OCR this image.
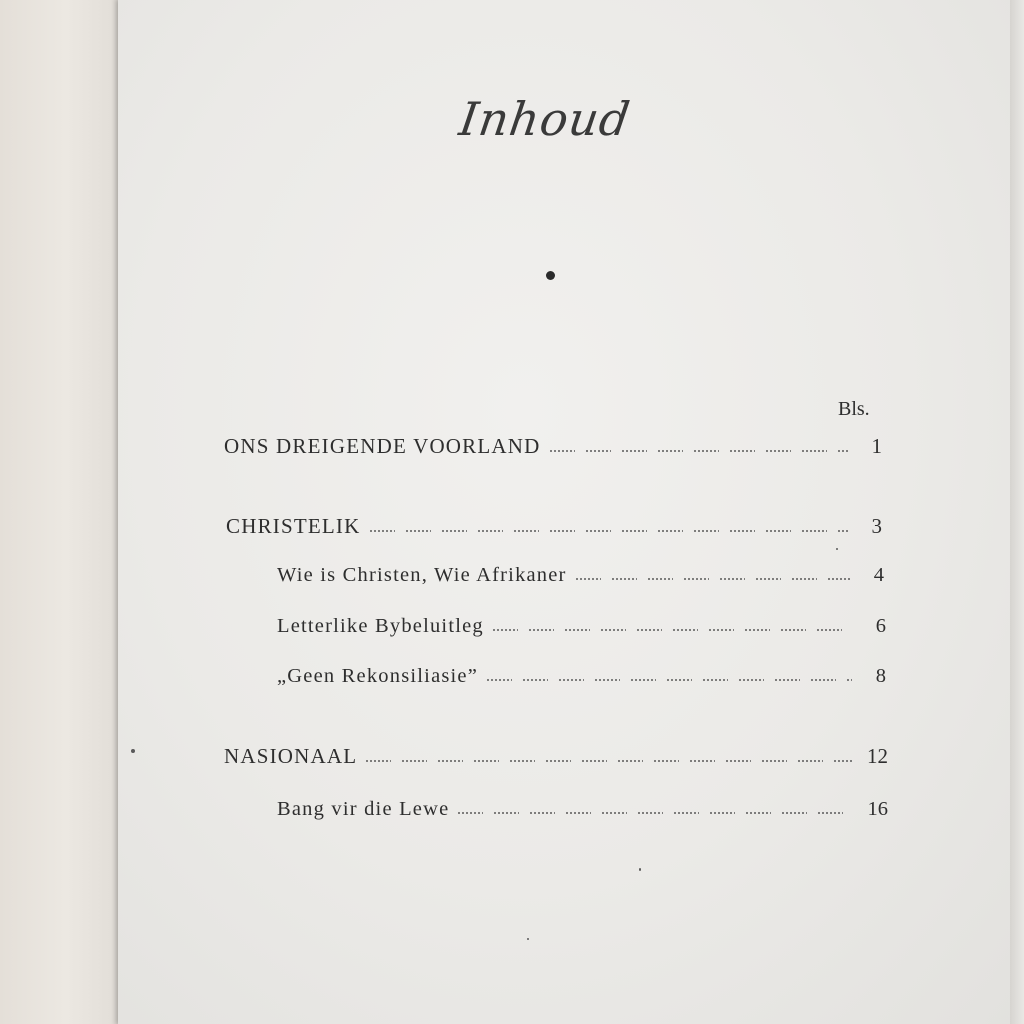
Inhoud
Bls.
ONS DREIGENDE VOORLAND	1
CHRISTELIK	3
Wie is Christen, Wie Afrikaner	4
Letterlike Bybeluitleg	6
„Geen Rekonsiliasie”	8
NASIONAAL	12
Bang vir die Lewe	16
